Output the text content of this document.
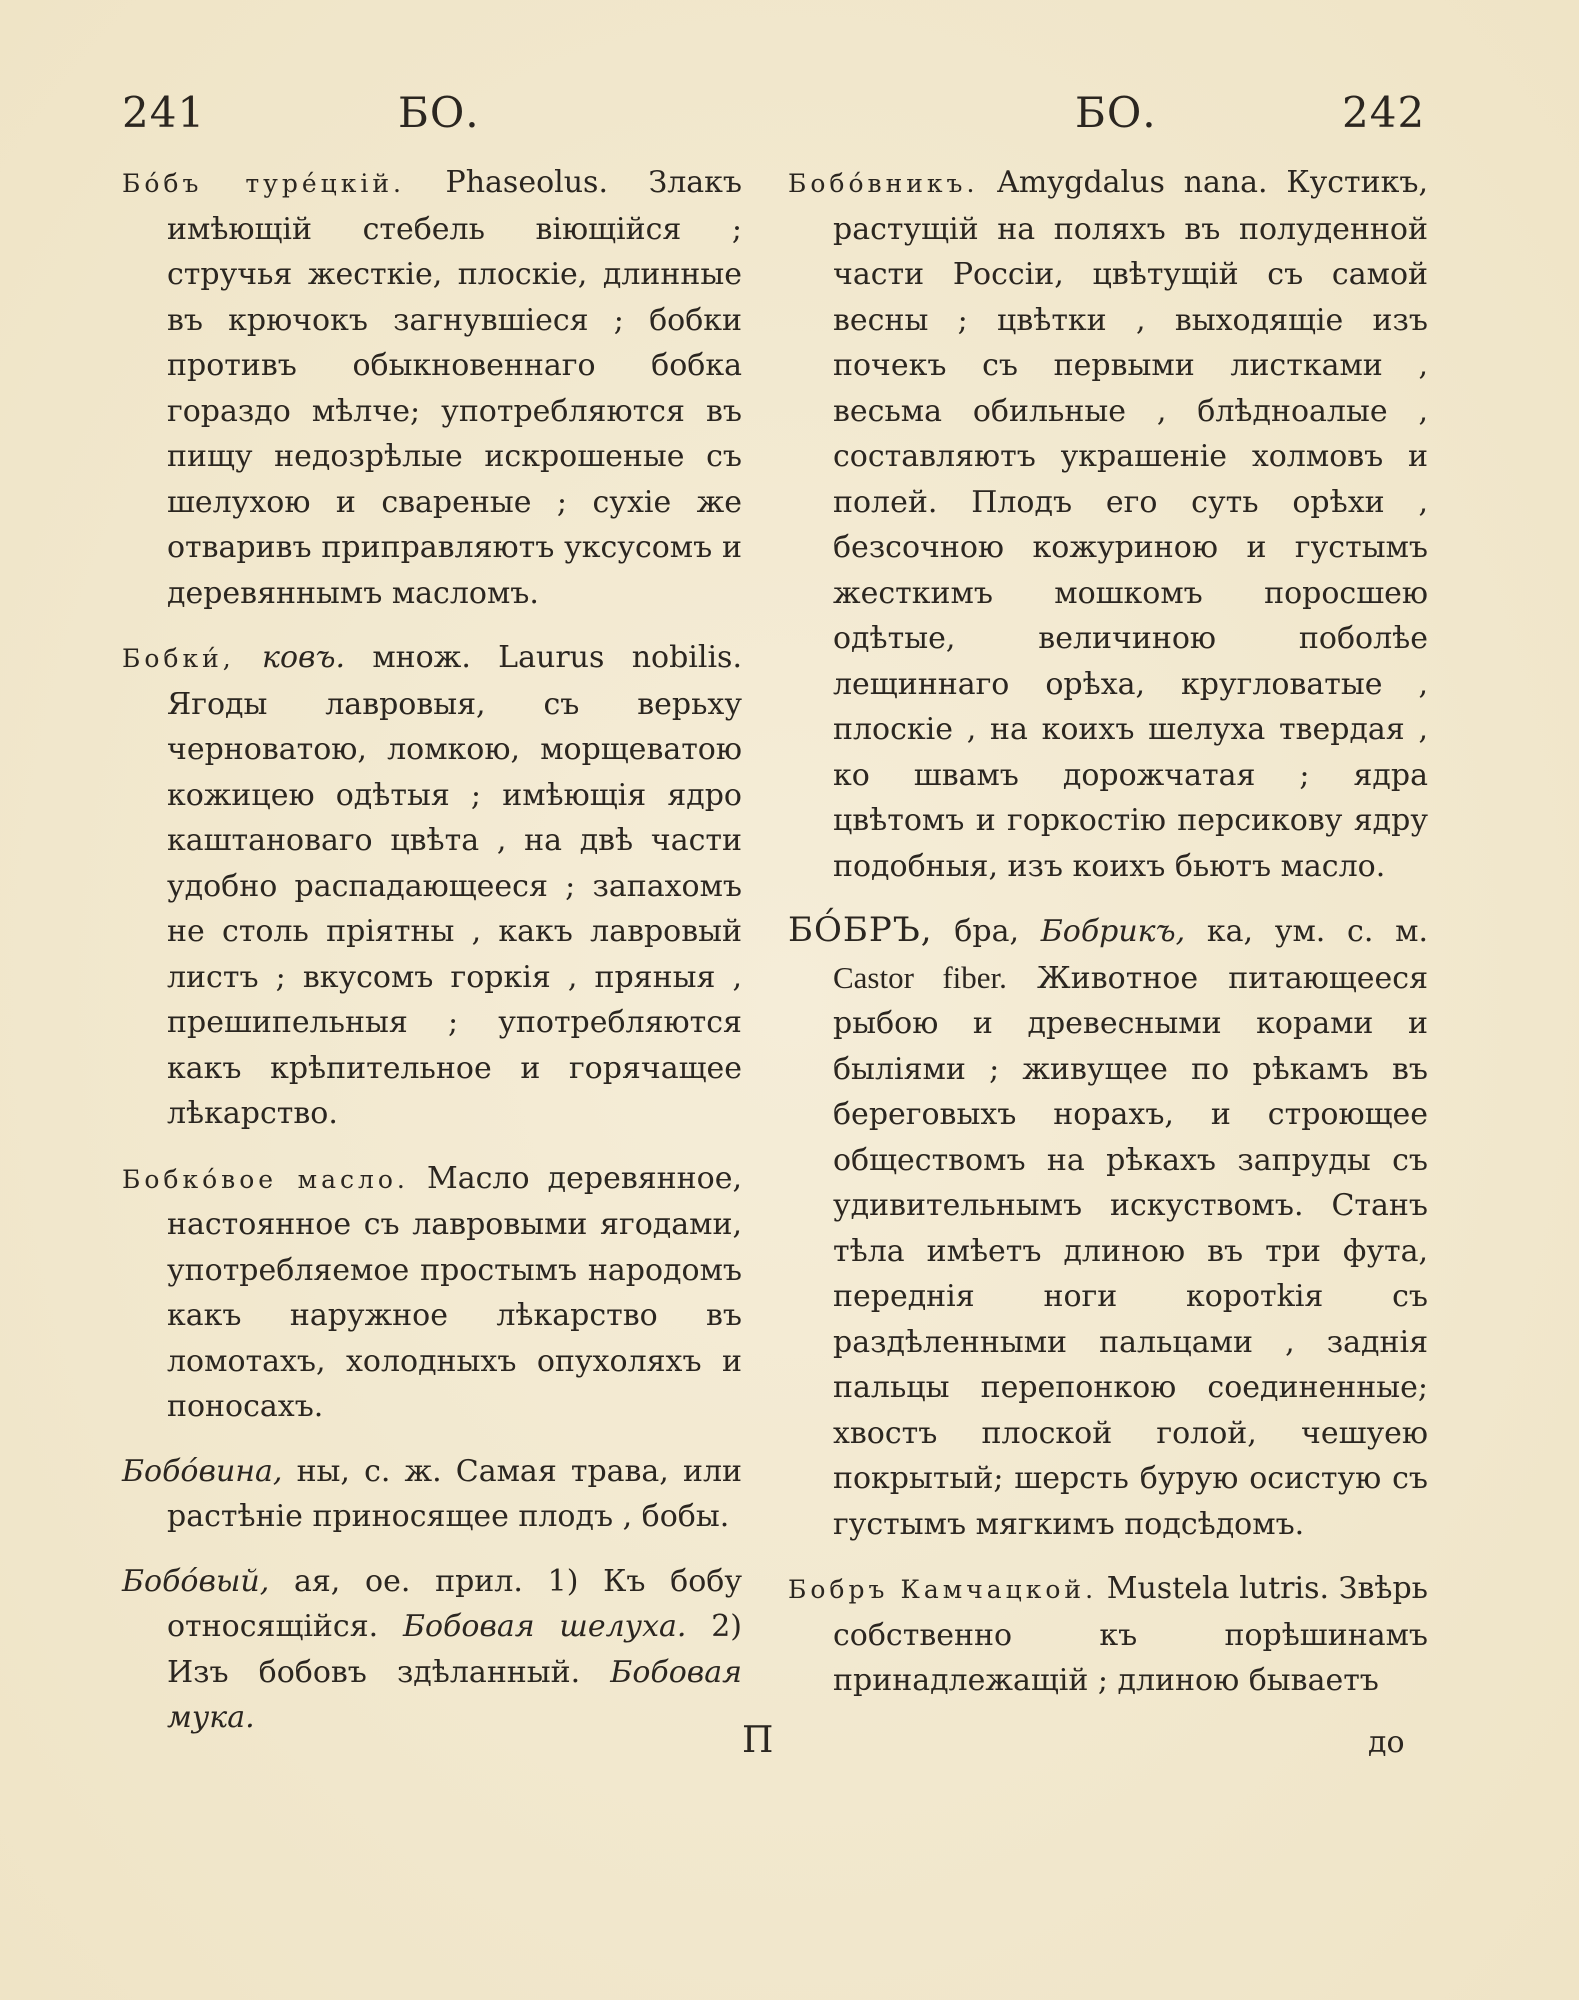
241	БО.	БО.	242

Бо́бъ туре́цкій. Phaseolus. Злакъ имѣющій стебель віющійся ; стручья жесткіе, плоскіе, длинные въ крючокъ загнувшіеся ; бобки противъ обыкновеннаго бобка гораздо мѣлче; употребляются въ пищу недозрѣлые искрошеные съ шелухою и свареные ; сухіе же отваривъ приправляютъ уксусомъ и деревяннымъ масломъ.

Бобки́, ковъ. множ. Laurus nobilis. Ягоды лавровыя, съ верьху черноватою, ломкою, морщеватою кожицею одѣтыя ; имѣющія ядро каштановаго цвѣта , на двѣ части удобно распадающееся ; запахомъ не столь пріятны , какъ лавровый листъ ; вкусомъ горкія , пряныя , прешипельныя ; употребляются какъ крѣпительное и горячащее лѣкарство.

Бобко́вое масло. Масло деревянное, настоянное съ лавровыми ягодами, употребляемое простымъ народомъ какъ наружное лѣкарство въ ломотахъ, холодныхъ опухоляхъ и поносахъ.

Бобо́вина, ны, с. ж. Самая трава, или растѣніе приносящее плодъ , бобы.

Бобо́вый, ая, ое. прил. 1) Къ бобу относящійся. Бобовая шелуха. 2) Изъ бобовъ здѣланный. Бобовая мука.

Бобо́вникъ. Amygdalus nana. Кустикъ, растущій на поляхъ въ полуденной части Россіи, цвѣтущій съ самой весны ; цвѣтки , выходящіе изъ почекъ съ первыми листками , весьма обильные , блѣдноалые , составляютъ украшеніе холмовъ и полей. Плодъ его суть орѣхи , безсочною кожуриною и густымъ жесткимъ мошкомъ поросшею одѣтые, величиною поболѣе лещиннаго орѣха, кругловатые , плоскіе , на коихъ шелуха твердая , ко швамъ дорожчатая ; ядра цвѣтомъ и горкостію персикову ядру подобныя, изъ коихъ бьютъ масло.

БО́БРЪ, бра, Бобрикъ, ка, ум. с. м. Castor fiber. Животное питающееся рыбою и древесными корами и быліями ; живущее по рѣкамъ въ береговыхъ норахъ, и строющее обществомъ на рѣкахъ запруды съ удивительнымъ искуствомъ. Станъ тѣла имѣетъ длиною въ три фута, переднія ноги коротkія съ раздѣленными пальцами , заднія пальцы перепонкою соединенные; хвостъ плоской голой, чешуею покрытый; шерсть бурую осистую съ густымъ мягкимъ подсѣдомъ.

Бобръ Камчацкой. Mustela lutris. Звѣрь собственно къ порѣшинамъ принадлежащій ; длиною бываетъ

П	до
